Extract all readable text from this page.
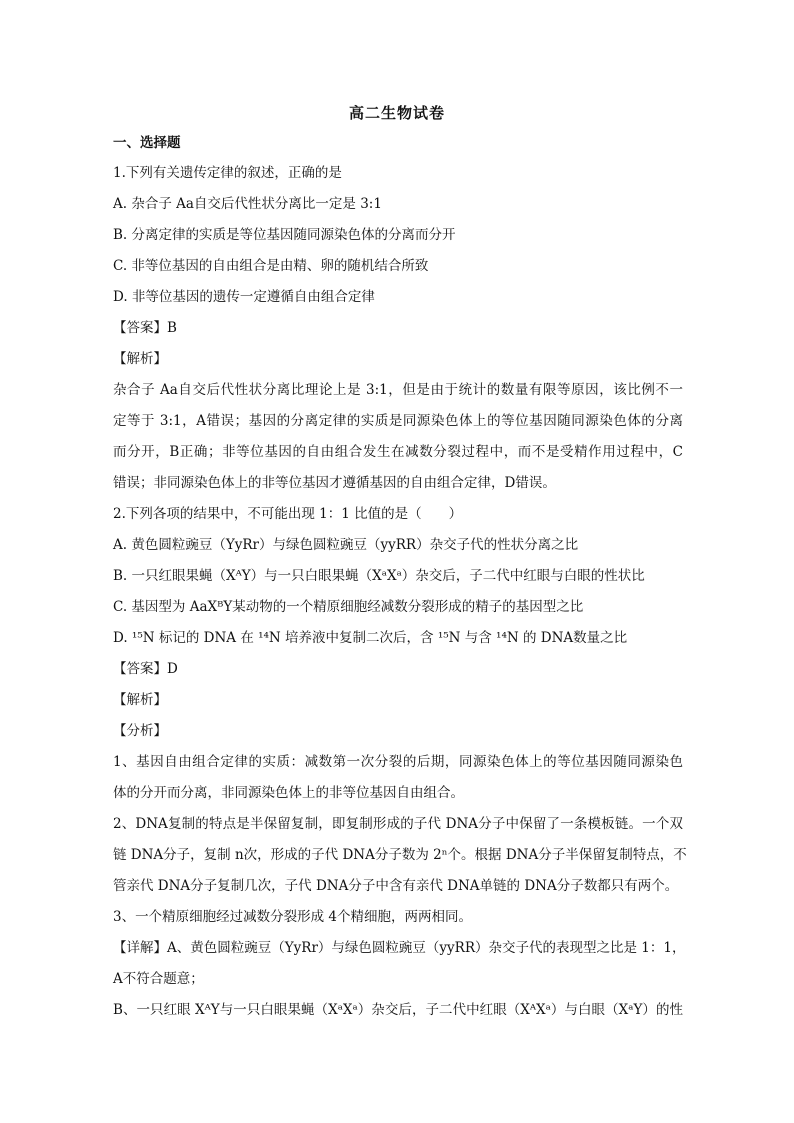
高二生物试卷
一、选择题
1.下列有关遗传定律的叙述，正确的是
A. 杂合子 Aa自交后代性状分离比一定是 3:1
B. 分离定律的实质是等位基因随同源染色体的分离而分开
C. 非等位基因的自由组合是由精、卵的随机结合所致
D. 非等位基因的遗传一定遵循自由组合定律
【答案】B
【解析】
杂合子 Aa自交后代性状分离比理论上是 3:1，但是由于统计的数量有限等原因，该比例不一
定等于 3:1，A错误；基因的分离定律的实质是同源染色体上的等位基因随同源染色体的分离
而分开，B正确；非等位基因的自由组合发生在减数分裂过程中，而不是受精作用过程中，C
错误；非同源染色体上的非等位基因才遵循基因的自由组合定律，D错误。
2.下列各项的结果中，不可能出现 1：1 比值的是（　　）
A. 黄色圆粒豌豆（YyRr）与绿色圆粒豌豆（yyRR）杂交子代的性状分离之比
B. 一只红眼果蝇（XᴬY）与一只白眼果蝇（XᵃXᵃ）杂交后，子二代中红眼与白眼的性状比
C. 基因型为 AaXᴮY某动物的一个精原细胞经减数分裂形成的精子的基因型之比
D. ¹⁵N 标记的 DNA 在 ¹⁴N 培养液中复制二次后，含 ¹⁵N 与含 ¹⁴N 的 DNA数量之比
【答案】D
【解析】
【分析】
1、基因自由组合定律的实质：减数第一次分裂的后期，同源染色体上的等位基因随同源染色
体的分开而分离，非同源染色体上的非等位基因自由组合。
2、DNA复制的特点是半保留复制，即复制形成的子代 DNA分子中保留了一条模板链。一个双
链 DNA分子，复制 n次，形成的子代 DNA分子数为 2ⁿ个。根据 DNA分子半保留复制特点，不
管亲代 DNA分子复制几次，子代 DNA分子中含有亲代 DNA单链的 DNA分子数都只有两个。
3、一个精原细胞经过减数分裂形成 4个精细胞，两两相同。
【详解】A、黄色圆粒豌豆（YyRr）与绿色圆粒豌豆（yyRR）杂交子代的表现型之比是 1：1，
A不符合题意；
B、一只红眼 XᴬY与一只白眼果蝇（XᵃXᵃ）杂交后，子二代中红眼（XᴬXᵃ）与白眼（XᵃY）的性
